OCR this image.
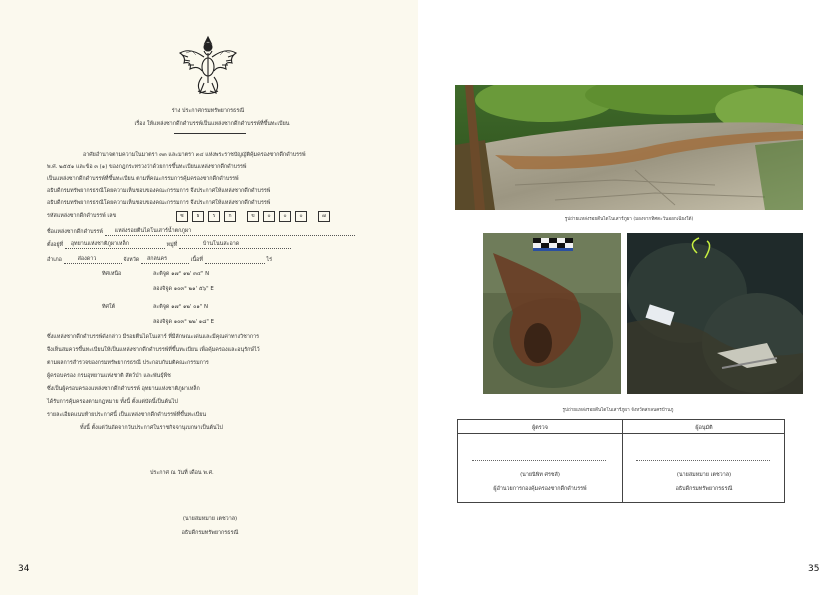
ร่าง ประกาศกรมทรัพยากรธรณี
เรื่อง ให้แหล่งซากดึกดำบรรพ์เป็นแหล่งซากดึกดำบรรพ์ที่ขึ้นทะเบียน
อาศัยอำนาจตามความในมาตรา ๓๓ และมาตรา ๓๔ แห่งพระราชบัญญัติคุ้มครองซากดึกดำบรรพ์
พ.ศ. ๒๕๕๑ และข้อ ๓ (๑) ของกฎกระทรวงว่าด้วยการขึ้นทะเบียนแหล่งซากดึกดำบรรพ์
เป็นแหล่งซากดึกดำบรรพ์ที่ขึ้นทะเบียน ตามที่คณะกรรมการคุ้มครองซากดึกดำบรรพ์
อธิบดีกรมทรัพยากรธรณีโดยความเห็นชอบของคณะกรรมการ จึงประกาศให้แหล่งซากดึกดำบรรพ์
อธิบดีกรมทรัพยากรธรณีโดยความเห็นชอบของคณะกรรมการ จึงประกาศให้แหล่งซากดึกดำบรรพ์
รหัสแหล่งซากดึกดำบรรพ์ เลข	ซ	ธ	ร	ก	ข	๐	๐	๐	๗
ชื่อแหล่งซากดึกดำบรรพ์ แหล่งรอยตีนไดโนเสาร์น้ำตกภูผา
ตั้งอยู่ที่ อุทยานแห่งชาติภูผาเหล็ก	หมู่ที่	บ้านโนนสะอาด
อำเภอ	ส่องดาว	จังหวัด สกลนคร	เนื้อที่	ไร่
ทิศเหนือ	ละติจูด ๑๗° ๑๒' ๓๔" N
ลองจิจูด ๑๐๓° ๒๑' ๕๖" E
ทิศใต้	ละติจูด ๑๗° ๑๒' ๐๑" N
ลองจิจูด ๑๐๓° ๒๒' ๑๘" E
ซึ่งแหล่งซากดึกดำบรรพ์ดังกล่าว มีรอยตีนไดโนเสาร์ ที่มีลักษณะเด่นและมีคุณค่าทางวิชาการ
จึงเห็นสมควรขึ้นทะเบียนให้เป็นแหล่งซากดึกดำบรรพ์ที่ขึ้นทะเบียน เพื่อคุ้มครองและอนุรักษ์ไว้
ตามผลการสำรวจของกรมทรัพยากรธรณี ประกอบกับมติคณะกรรมการ
ผู้ครอบครอง กรมอุทยานแห่งชาติ สัตว์ป่า และพันธุ์พืช
ซึ่งเป็นผู้ครอบครองแหล่งซากดึกดำบรรพ์ อุทยานแห่งชาติภูผาเหล็ก
ได้รับการคุ้มครองตามกฎหมาย ทั้งนี้ ตั้งแต่บัดนี้เป็นต้นไป
รายละเอียดแนบท้ายประกาศนี้ เป็นแหล่งซากดึกดำบรรพ์ที่ขึ้นทะเบียน
ทั้งนี้ ตั้งแต่วันถัดจากวันประกาศในราชกิจจานุเบกษาเป็นต้นไป
ประกาศ ณ วันที่ เดือน พ.ศ.
(นายสมหมาย เตชวาล)
อธิบดีกรมทรัพยากรธรณี
34
รูปถ่ายแหล่งรอยตีนไดโนเสาร์ภูผา (มองจากทิศตะวันออกเฉียงใต้)
รูปถ่ายแหล่งรอยตีนไดโนเสาร์ภูผา จังหวัดสกลนครบ้านภู
ผู้ตรวจ	ผู้อนุมัติ
(นายนิพิท ศรชลั)
ผู้อำนวยการกองคุ้มครองซากดึกดำบรรพ์
(นายสมหมาย เตชวาล)
อธิบดีกรมทรัพยากรธรณี
35
